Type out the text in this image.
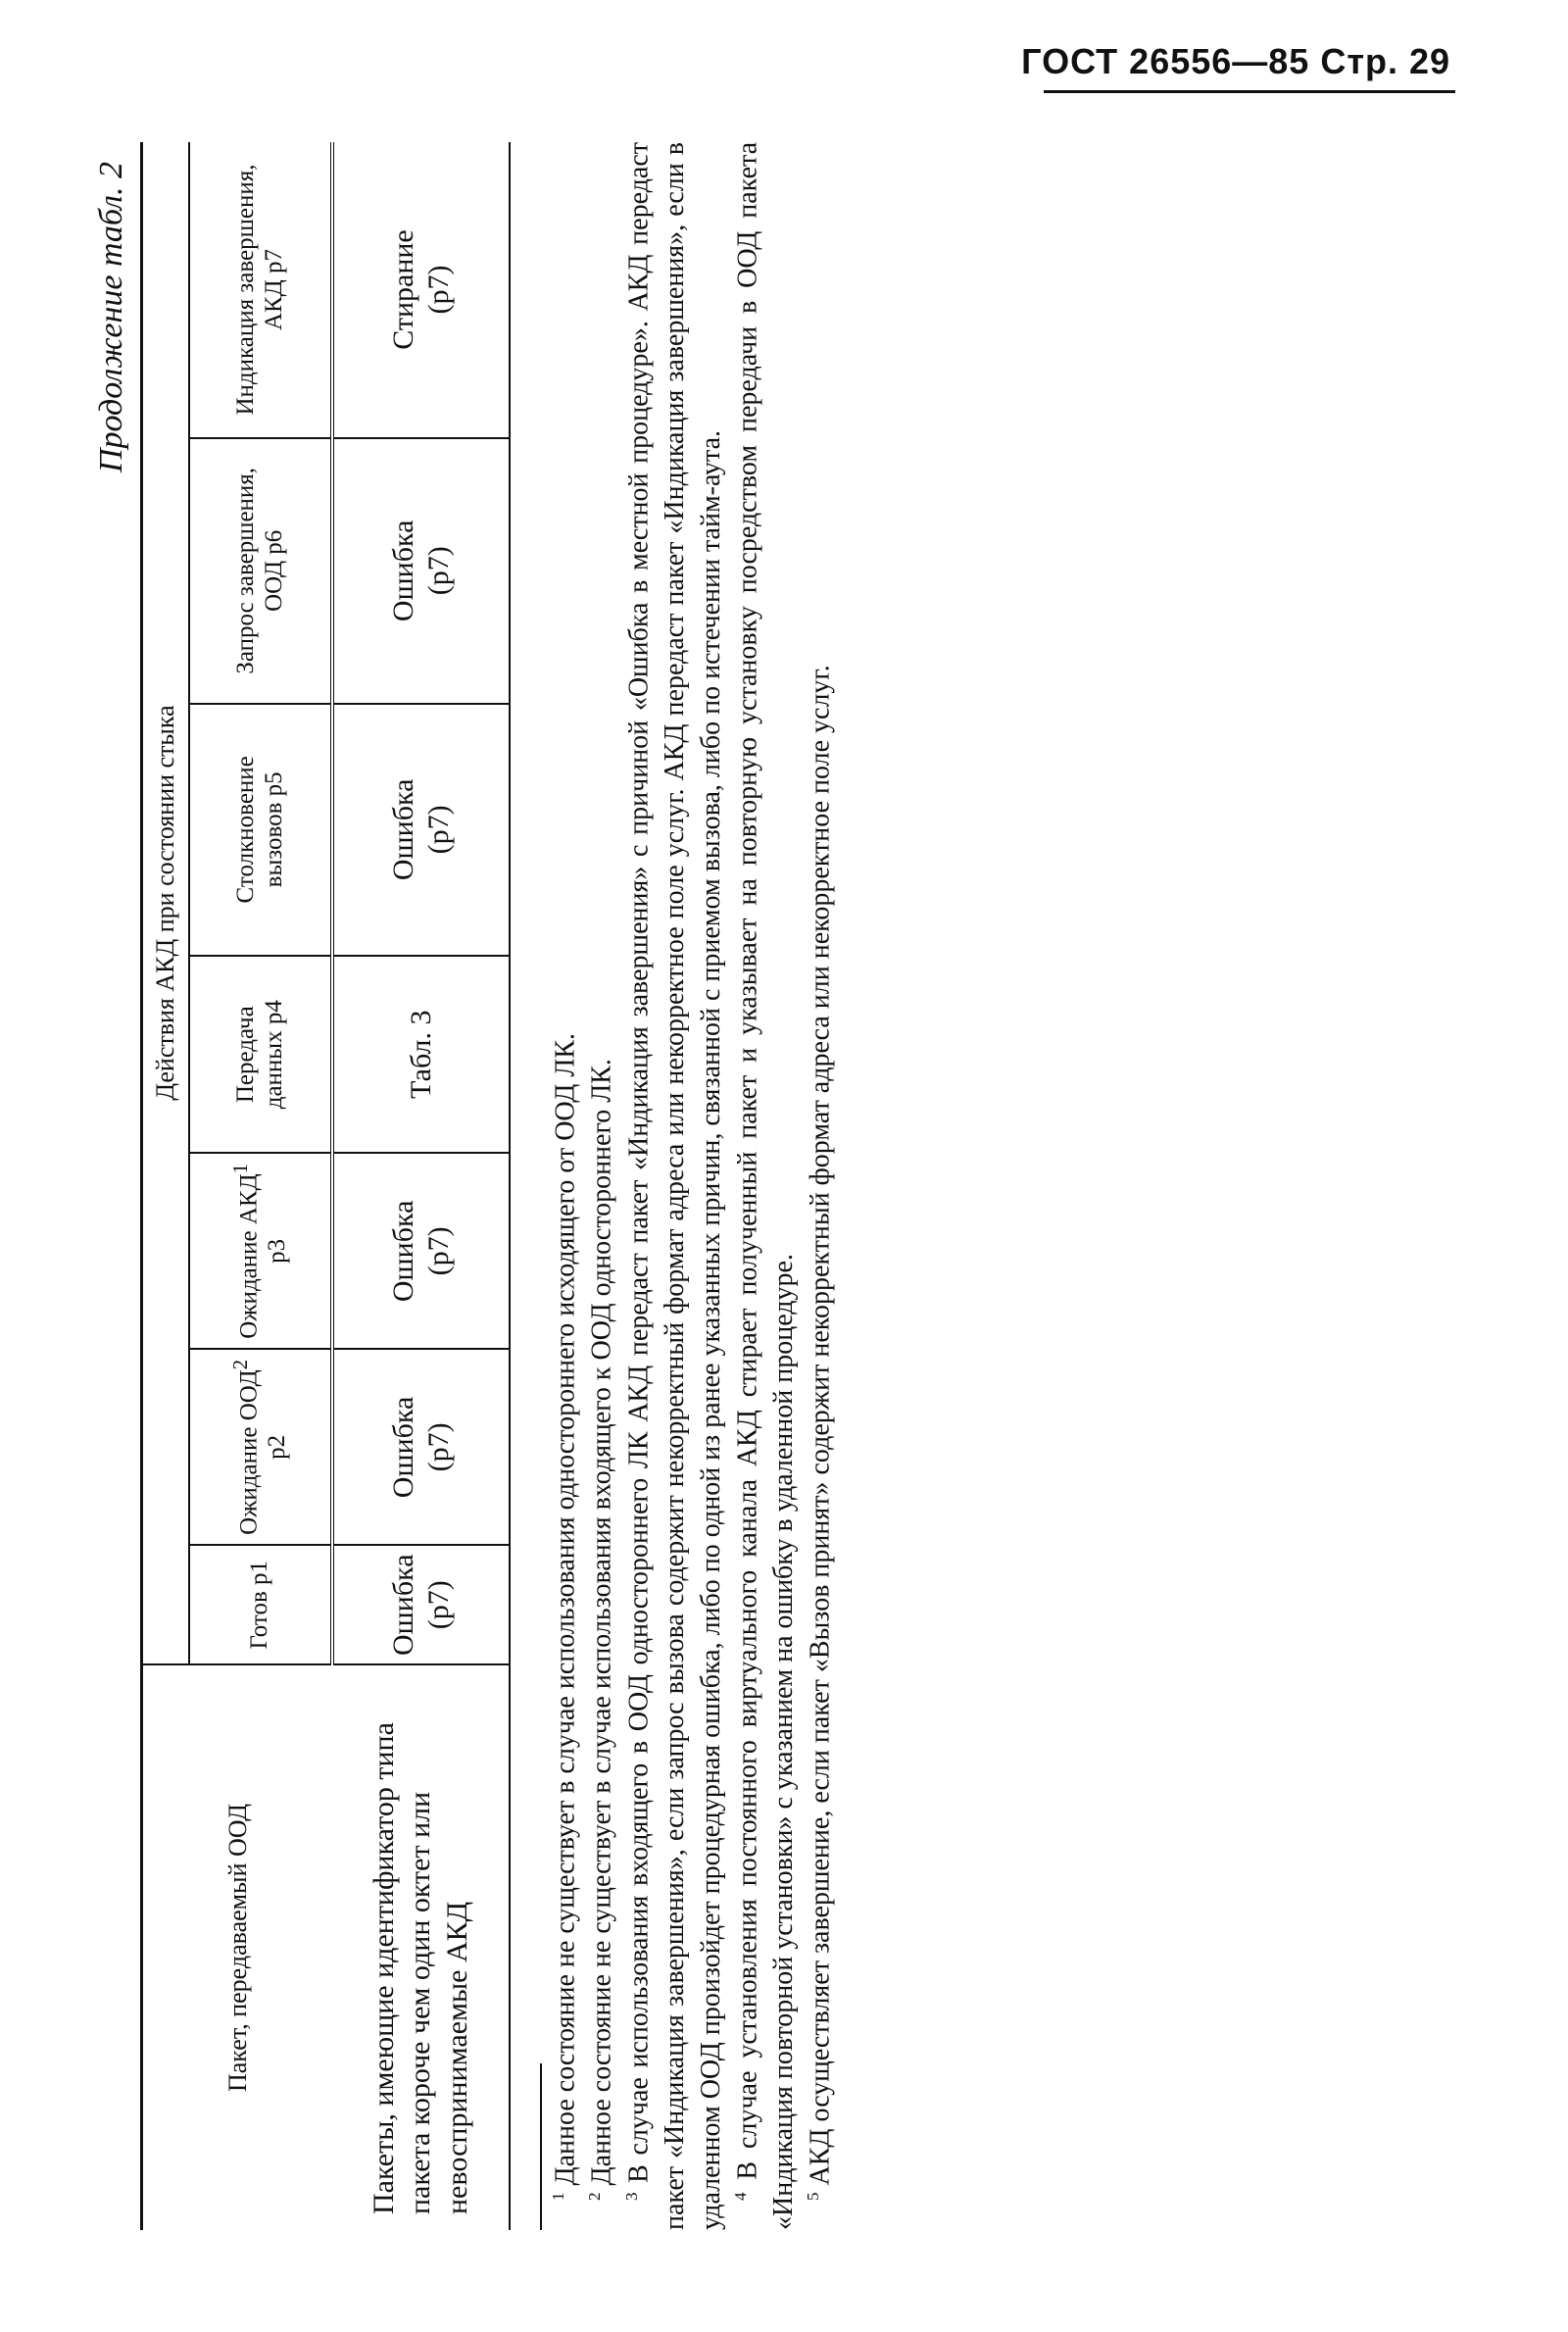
ГОСТ 26556—85 Стр. 29
Продолжение табл. 2
Пакет, передаваемый ООД	Действия АКД при состоянии стыка						
	Готов р1	Ожидание ООД$^2$ р2	Ожидание АКД$^1$ р3	Передача данных р4	Столкновение вызовов р5	Запрос завершения, ООД р6	Индикация завершения, АКД р7
Пакеты, имеющие идентификатор типа пакета короче чем один октет или невоспринимаемые АКД	Ошибка (р7)	Ошибка (р7)	Ошибка (р7)	Табл. 3	Ошибка (р7)	Ошибка (р7)	Стирание (р7)

$^1$ Данное состояние не существует в случае использования одностороннего исходящего от ООД ЛК.

$^2$ Данное состояние не существует в случае использования входящего к ООД одностороннего ЛК.

$^3$ В случае использования входящего в ООД одностороннего ЛК АКД передаст пакет «Индикация завершения» с причиной «Ошибка в местной процедуре». АКД передаст пакет «Индикация завершения», если запрос вызова содержит некорректный формат адреса или некорректное поле услуг. АКД передаст пакет «Индикация завершения», если в удаленном ООД произойдет процедурная ошибка, либо по одной из ранее указанных причин, связанной с приемом вызова, либо по истечении тайм-аута. $^4$ В случае установления постоянного виртуального канала АКД стирает полученный пакет и указывает на повторную установку посредством передачи в ООД пакета «Индикация повторной установки» с указанием на ошибку в удаленной процедуре. $^5$ АКД осуществляет завершение, если пакет «Вызов принят» содержит некорректный формат адреса или некорректное поле услуг.
